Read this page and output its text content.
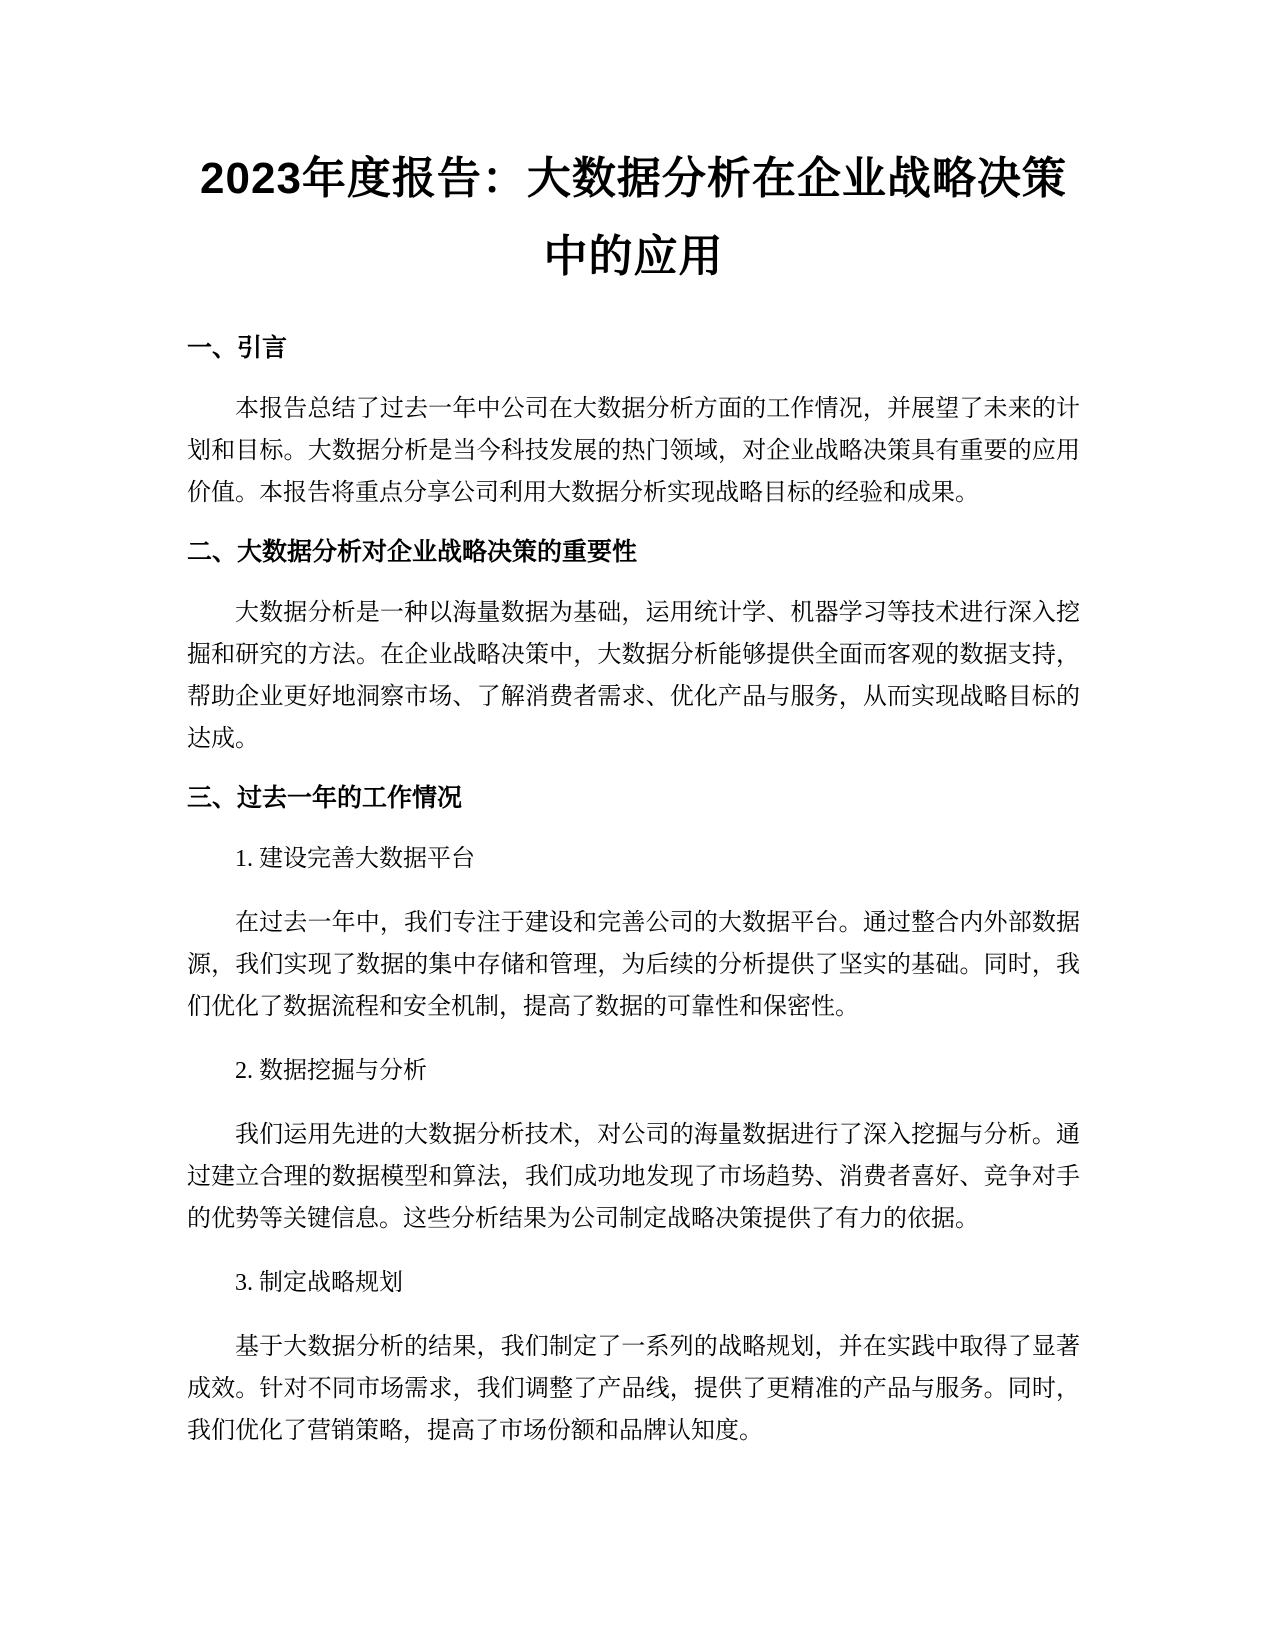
2023年度报告：大数据分析在企业战略决策中的应用
一、引言
本报告总结了过去一年中公司在大数据分析方面的工作情况，并展望了未来的计划和目标。大数据分析是当今科技发展的热门领域，对企业战略决策具有重要的应用价值。本报告将重点分享公司利用大数据分析实现战略目标的经验和成果。
二、大数据分析对企业战略决策的重要性
大数据分析是一种以海量数据为基础，运用统计学、机器学习等技术进行深入挖掘和研究的方法。在企业战略决策中，大数据分析能够提供全面而客观的数据支持，帮助企业更好地洞察市场、了解消费者需求、优化产品与服务，从而实现战略目标的达成。
三、过去一年的工作情况
1. 建设完善大数据平台
在过去一年中，我们专注于建设和完善公司的大数据平台。通过整合内外部数据源，我们实现了数据的集中存储和管理，为后续的分析提供了坚实的基础。同时，我们优化了数据流程和安全机制，提高了数据的可靠性和保密性。
2. 数据挖掘与分析
我们运用先进的大数据分析技术，对公司的海量数据进行了深入挖掘与分析。通过建立合理的数据模型和算法，我们成功地发现了市场趋势、消费者喜好、竞争对手的优势等关键信息。这些分析结果为公司制定战略决策提供了有力的依据。
3. 制定战略规划
基于大数据分析的结果，我们制定了一系列的战略规划，并在实践中取得了显著成效。针对不同市场需求，我们调整了产品线，提供了更精准的产品与服务。同时，我们优化了营销策略，提高了市场份额和品牌认知度。
